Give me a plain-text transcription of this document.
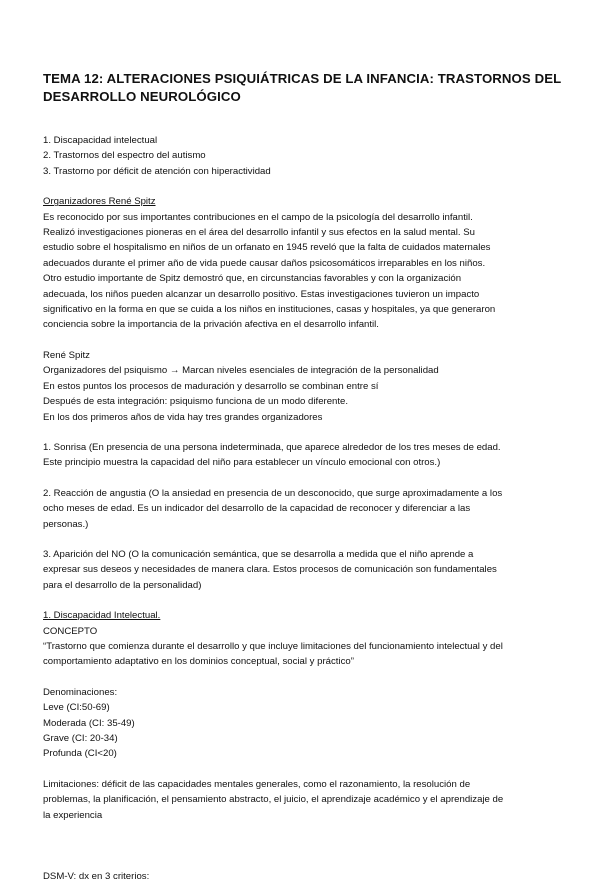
TEMA 12: ALTERACIONES PSIQUIÁTRICAS DE LA INFANCIA: TRASTORNOS DEL DESARROLLO NEUROLÓGICO

1. Discapacidad intelectual

2. Trastornos del espectro del autismo

3. Trastorno por déficit de atención con hiperactividad

Organizadores René Spitz

Es reconocido por sus importantes contribuciones en el campo de la psicología del desarrollo infantil.

Realizó investigaciones pioneras en el área del desarrollo infantil y sus efectos en la salud mental. Su

estudio sobre el hospitalismo en niños de un orfanato en 1945 reveló que la falta de cuidados maternales

adecuados durante el primer año de vida puede causar daños psicosomáticos irreparables en los niños.

Otro estudio importante de Spitz demostró que, en circunstancias favorables y con la organización

adecuada, los niños pueden alcanzar un desarrollo positivo. Estas investigaciones tuvieron un impacto

significativo en la forma en que se cuida a los niños en instituciones, casas y hospitales, ya que generaron

conciencia sobre la importancia de la privación afectiva en el desarrollo infantil.

René Spitz

Organizadores del psiquismo → Marcan niveles esenciales de integración de la personalidad

En estos puntos los procesos de maduración y desarrollo se combinan entre sí

Después de esta integración: psiquismo funciona de un modo diferente.

En los dos primeros años de vida hay tres grandes organizadores

1. Sonrisa (En presencia de una persona indeterminada, que aparece alrededor de los tres meses de edad.

Este principio muestra la capacidad del niño para establecer un vínculo emocional con otros.)

2. Reacción de angustia (O la ansiedad en presencia de un desconocido, que surge aproximadamente a los

ocho meses de edad. Es un indicador del desarrollo de la capacidad de reconocer y diferenciar a las

personas.)

3. Aparición del NO (O la comunicación semántica, que se desarrolla a medida que el niño aprende a

expresar sus deseos y necesidades de manera clara. Estos procesos de comunicación son fundamentales

para el desarrollo de la personalidad)

1. Discapacidad Intelectual.

CONCEPTO

“Trastorno que comienza durante el desarrollo y que incluye limitaciones del funcionamiento intelectual y del

comportamiento adaptativo en los dominios conceptual, social y práctico”

Denominaciones:

Leve (CI:50-69)

Moderada (CI: 35-49)

Grave (CI: 20-34)

Profunda (CI<20)

Limitaciones: déficit de las capacidades mentales generales, como el razonamiento, la resolución de

problemas, la planificación, el pensamiento abstracto, el juicio, el aprendizaje académico y el aprendizaje de

la experiencia

DSM-V: dx en 3 criterios:
